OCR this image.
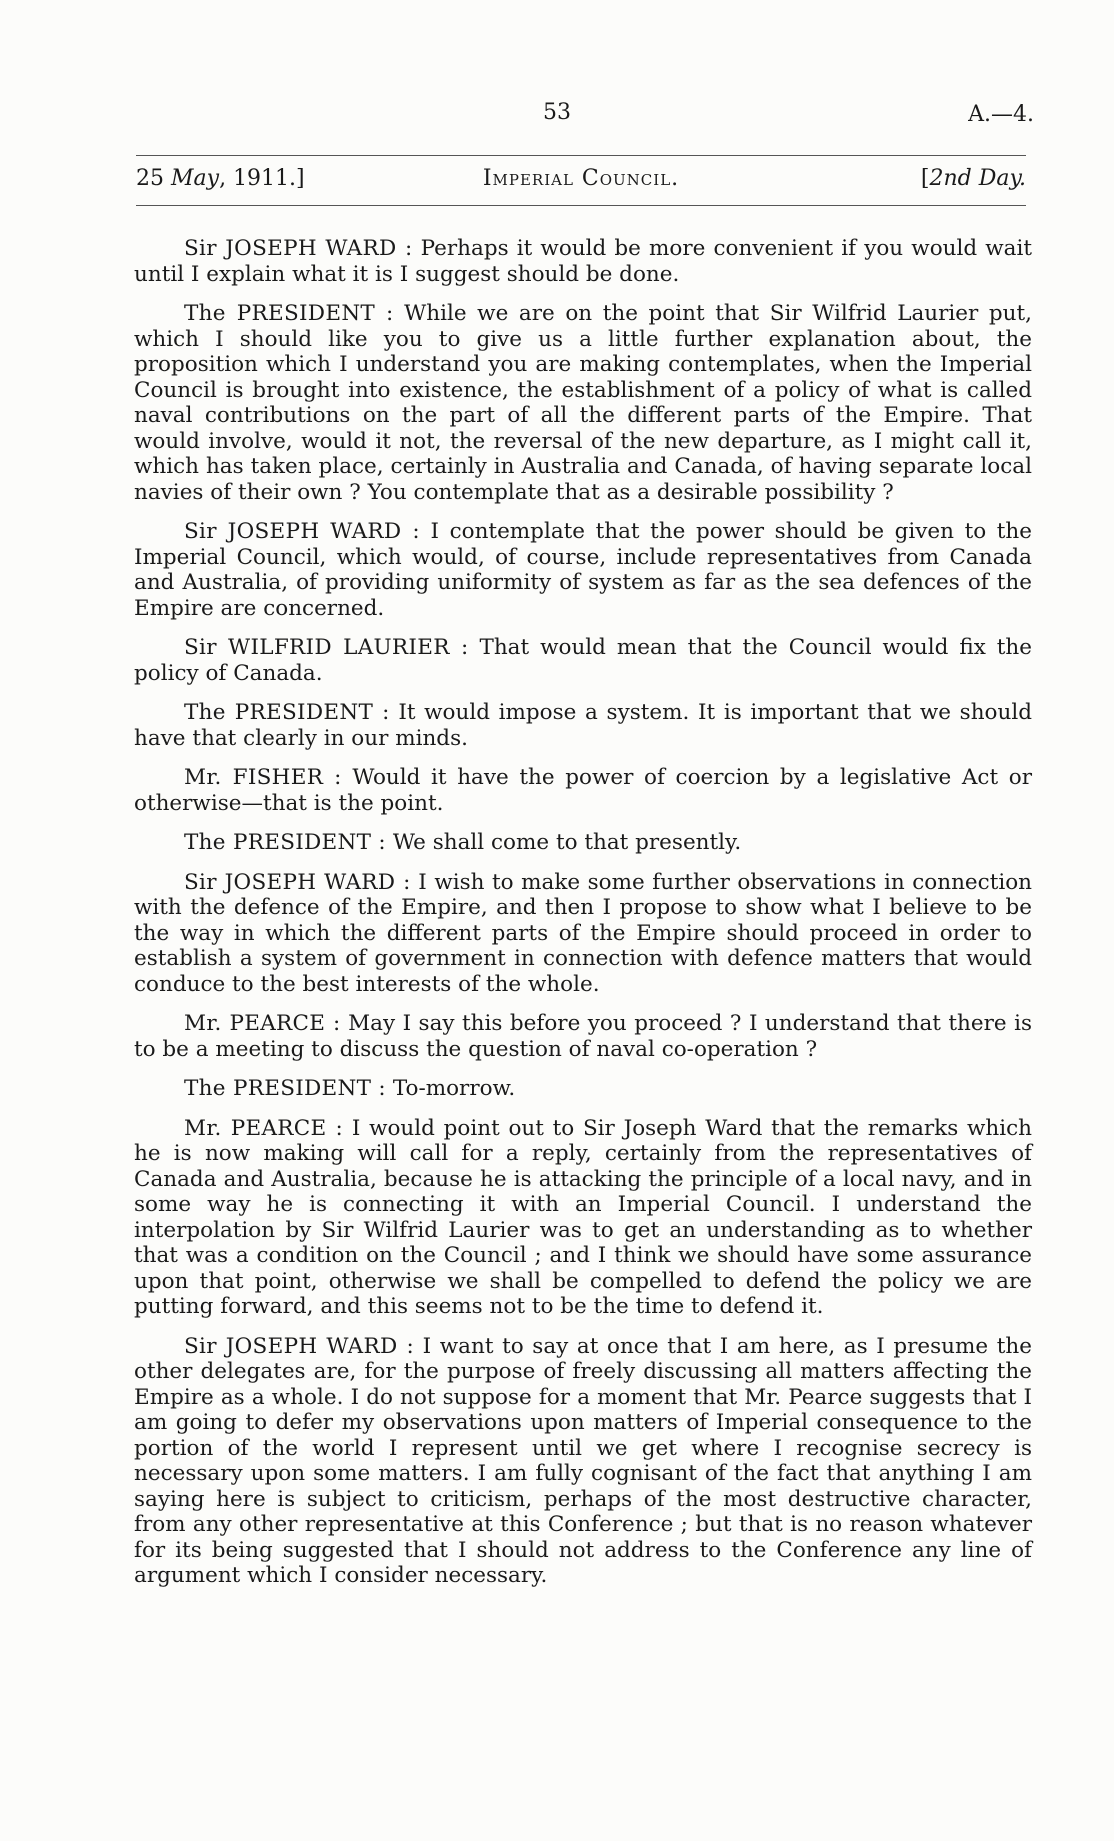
53	A.—4.
25 May, 1911.]	Imperial Council.	[2nd Day.

Sir JOSEPH WARD : Perhaps it would be more convenient if you would wait until I explain what it is I suggest should be done.

The PRESIDENT : While we are on the point that Sir Wilfrid Laurier put, which I should like you to give us a little further explanation about, the proposition which I understand you are making contemplates, when the Imperial Council is brought into existence, the establishment of a policy of what is called naval contributions on the part of all the different parts of the Empire. That would involve, would it not, the reversal of the new departure, as I might call it, which has taken place, certainly in Australia and Canada, of having separate local navies of their own ? You contemplate that as a desirable possibility ?

Sir JOSEPH WARD : I contemplate that the power should be given to the Imperial Council, which would, of course, include representatives from Canada and Australia, of providing uniformity of system as far as the sea defences of the Empire are concerned.

Sir WILFRID LAURIER : That would mean that the Council would fix the policy of Canada.

The PRESIDENT : It would impose a system. It is important that we should have that clearly in our minds.

Mr. FISHER : Would it have the power of coercion by a legislative Act or otherwise—that is the point.

The PRESIDENT : We shall come to that presently.

Sir JOSEPH WARD : I wish to make some further observations in connection with the defence of the Empire, and then I propose to show what I believe to be the way in which the different parts of the Empire should proceed in order to establish a system of government in connection with defence matters that would conduce to the best interests of the whole.

Mr. PEARCE : May I say this before you proceed ? I understand that there is to be a meeting to discuss the question of naval co-operation ?

The PRESIDENT : To-morrow.

Mr. PEARCE : I would point out to Sir Joseph Ward that the remarks which he is now making will call for a reply, certainly from the representatives of Canada and Australia, because he is attacking the principle of a local navy, and in some way he is connecting it with an Imperial Council. I understand the interpolation by Sir Wilfrid Laurier was to get an understanding as to whether that was a condition on the Council ; and I think we should have some assurance upon that point, otherwise we shall be compelled to defend the policy we are putting forward, and this seems not to be the time to defend it.

Sir JOSEPH WARD : I want to say at once that I am here, as I presume the other delegates are, for the purpose of freely discussing all matters affecting the Empire as a whole. I do not suppose for a moment that Mr. Pearce suggests that I am going to defer my observations upon matters of Imperial consequence to the portion of the world I represent until we get where I recognise secrecy is necessary upon some matters. I am fully cognisant of the fact that anything I am saying here is subject to criticism, perhaps of the most destructive character, from any other representative at this Conference ; but that is no reason whatever for its being suggested that I should not address to the Conference any line of argument which I consider necessary.
